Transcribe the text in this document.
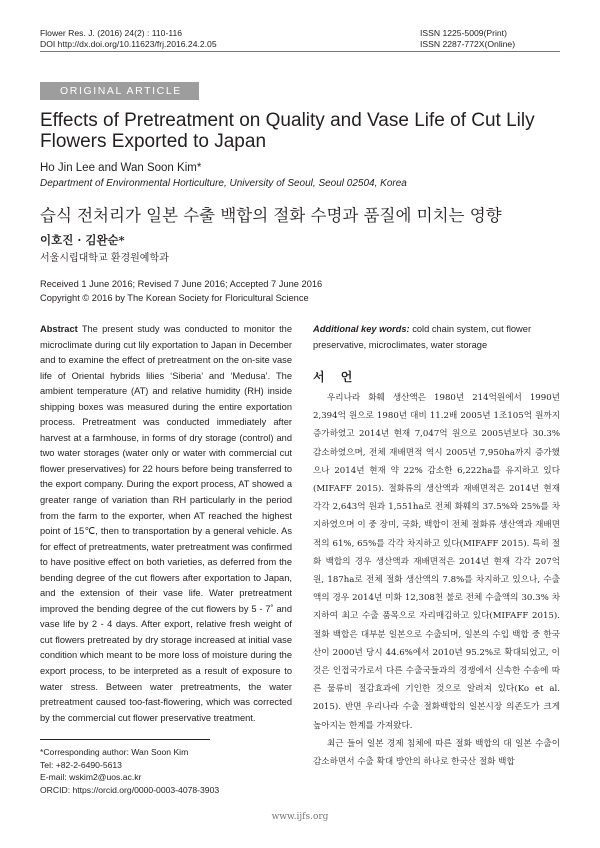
Flower Res. J. (2016) 24(2) : 110-116
DOI http://dx.doi.org/10.11623/frj.2016.24.2.05
ISSN 1225-5009(Print)
ISSN 2287-772X(Online)
ORIGINAL ARTICLE
Effects of Pretreatment on Quality and Vase Life of Cut Lily Flowers Exported to Japan
Ho Jin Lee and Wan Soon Kim*
Department of Environmental Horticulture, University of Seoul, Seoul 02504, Korea
습식 전처리가 일본 수출 백합의 절화 수명과 품질에 미치는 영향
이호진 · 김완순*
서울시립대학교 환경원예학과
Received 1 June 2016; Revised 7 June 2016; Accepted 7 June 2016
Copyright © 2016 by The Korean Society for Floricultural Science
Abstract The present study was conducted to monitor the microclimate during cut lily exportation to Japan in December and to examine the effect of pretreatment on the on-site vase life of Oriental hybrids lilies ‘Siberia’ and ‘Medusa’. The ambient temperature (AT) and relative humidity (RH) inside shipping boxes was measured during the entire exportation process. Pretreatment was conducted immediately after harvest at a farmhouse, in forms of dry storage (control) and two water storages (water only or water with commercial cut flower preservatives) for 22 hours before being transferred to the export company. During the export process, AT showed a greater range of variation than RH particularly in the period from the farm to the exporter, when AT reached the highest point of 15℃, then to transportation by a general vehicle. As for effect of pretreatments, water pretreatment was confirmed to have positive effect on both varieties, as deferred from the bending degree of the cut flowers after exportation to Japan, and the extension of their vase life. Water pretreatment improved the bending degree of the cut flowers by 5 - 7˚ and vase life by 2 - 4 days. After export, relative fresh weight of cut flowers pretreated by dry storage increased at initial vase condition which meant to be more loss of moisture during the export process, to be interpreted as a result of exposure to water stress. Between water pretreatments, the water pretreatment caused too-fast-flowering, which was corrected by the commercial cut flower preservative treatment.
Additional key words: cold chain system, cut flower preservative, microclimates, water storage
서 언
우리나라 화훼 생산액은 1980년 214억원에서 1990년 2,394억 원으로 1980년 대비 11.2배 2005년 1조105억 원까지 증가하였고 2014년 현재 7,047억 원으로 2005년보다 30.3% 감소하였으며, 전체 재배면적 역시 2005년 7,950ha까지 증가했으나 2014년 현재 약 22% 감소한 6,222ha를 유지하고 있다(MIFAFF 2015). 절화류의 생산액과 재배면적은 2014년 현재 각각 2,643억 원과 1,551ha로 전체 화훼의 37.5%와 25%를 차지하였으며 이 중 장미, 국화, 백합이 전체 절화류 생산액과 재배면적의 61%, 65%를 각각 차지하고 있다(MIFAFF 2015). 특히 절화 백합의 경우 생산액과 재배면적은 2014년 현재 각각 207억 원, 187ha로 전체 절화 생산액의 7.8%를 차지하고 있으나, 수출액의 경우 2014년 미화 12,308천 불로 전체 수출액의 30.3% 차지하여 최고 수출 품목으로 자리매김하고 있다(MIFAFF 2015). 절화 백합은 대부분 일본으로 수출되며, 일본의 수입 백합 중 한국산이 2000년 당시 44.6%에서 2010년 95.2%로 확대되었고, 이것은 인접국가로서 다른 수출국들과의 경쟁에서 신속한 수송에 따른 물류비 절감효과에 기인한 것으로 알려져 있다(Ko et al. 2015). 반면 우리나라 수출 절화백합의 일본시장 의존도가 크게 높아지는 한계를 가져왔다.
최근 들어 일본 경제 침체에 따른 절화 백합의 대 일본 수출이 감소하면서 수출 확대 방안의 하나로 한국산 절화 백합
*Corresponding author: Wan Soon Kim
Tel: +82-2-6490-5613
E-mail: wskim2@uos.ac.kr
ORCID: https://orcid.org/0000-0003-4078-3903
www.ijfs.org
